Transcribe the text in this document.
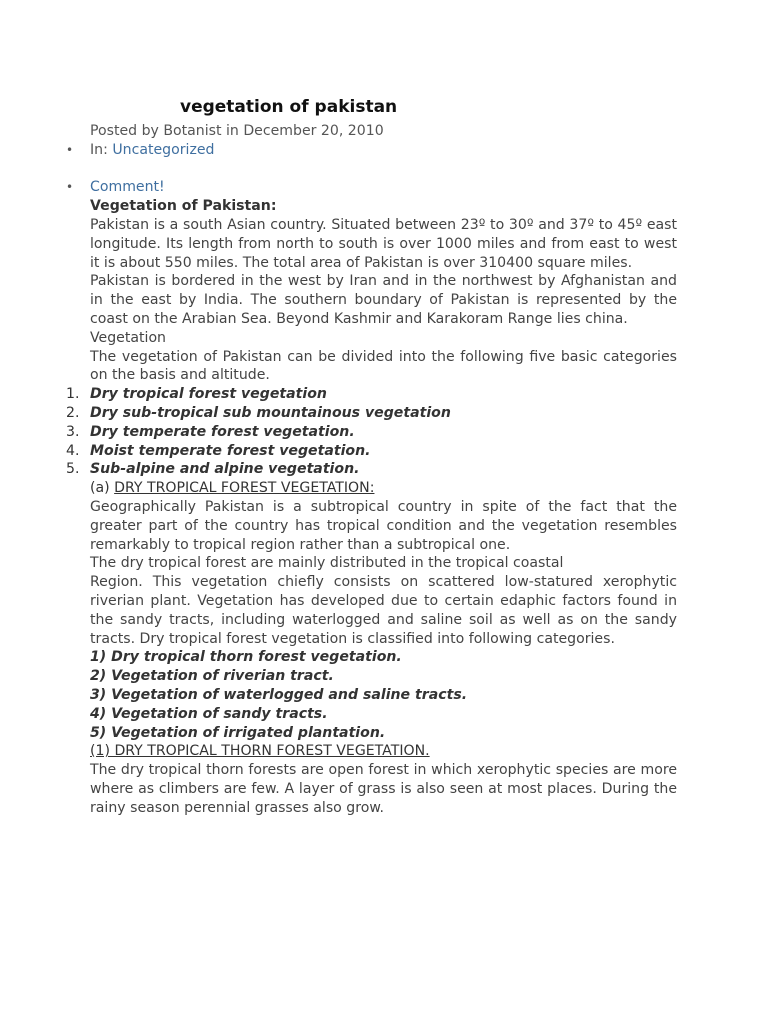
vegetation of pakistan

Posted by Botanist in December 20, 2010

• In: Uncategorized
• Comment!

Vegetation of Pakistan:

Pakistan is a south Asian country. Situated between 23º to 30º and 37º to 45º east longitude. Its length from north to south is over 1000 miles and from east to west it is about 550 miles. The total area of Pakistan is over 310400 square miles.

Pakistan is bordered in the west by Iran and in the northwest by Afghanistan and in the east by India. The southern boundary of Pakistan is represented by the coast on the Arabian Sea. Beyond Kashmir and Karakoram Range lies china.

Vegetation

The vegetation of Pakistan can be divided into the following five basic categories on the basis and altitude.

1. Dry tropical forest vegetation
2. Dry sub-tropical sub mountainous vegetation
3. Dry temperate forest vegetation.
4. Moist temperate forest vegetation.
5. Sub-alpine and alpine vegetation.

(a) DRY TROPICAL FOREST VEGETATION:

Geographically Pakistan is a subtropical country in spite of the fact that the greater part of the country has tropical condition and the vegetation resembles remarkably to tropical region rather than a subtropical one.

The dry tropical forest are mainly distributed in the tropical coastal

Region. This vegetation chiefly consists on scattered low-statured xerophytic riverian plant. Vegetation has developed due to certain edaphic factors found in the sandy tracts, including waterlogged and saline soil as well as on the sandy tracts. Dry tropical forest vegetation is classified into following categories.

1) Dry tropical thorn forest vegetation.

2) Vegetation of riverian tract.

3) Vegetation of waterlogged and saline tracts.

4) Vegetation of sandy tracts.

5) Vegetation of irrigated plantation.

(1) DRY TROPICAL THORN FOREST VEGETATION.

The dry tropical thorn forests are open forest in which xerophytic species are more where as climbers are few. A layer of grass is also seen at most places. During the rainy season perennial grasses also grow.
